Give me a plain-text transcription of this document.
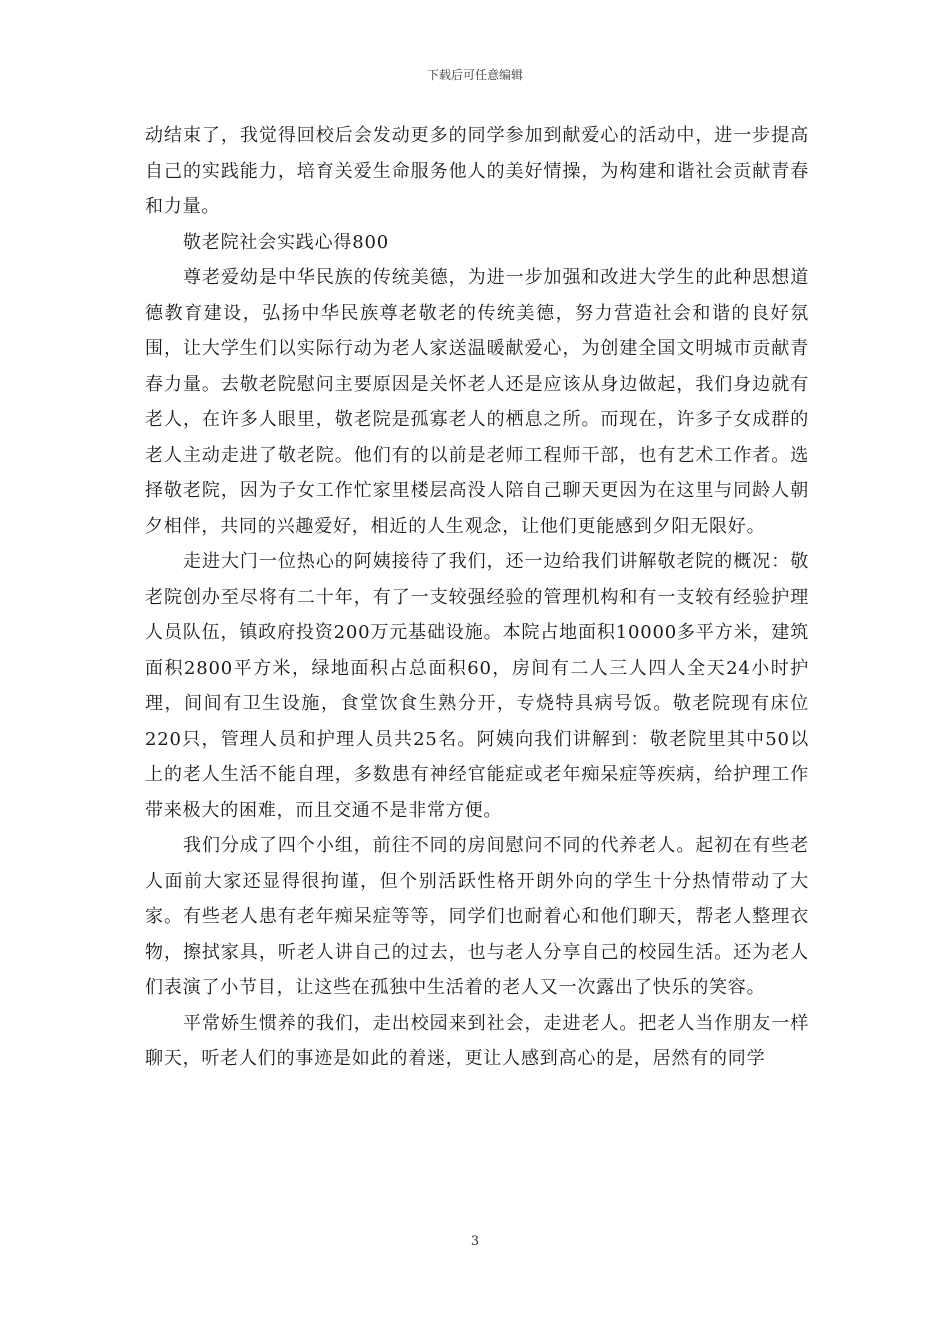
下载后可任意编辑

动结束了，我觉得回校后会发动更多的同学参加到献爱心的活动中，进一步提高自己的实践能力，培育关爱生命服务他人的美好情操，为构建和谐社会贡献青春和力量。

敬老院社会实践心得800

尊老爱幼是中华民族的传统美德，为进一步加强和改进大学生的此种思想道德教育建设，弘扬中华民族尊老敬老的传统美德，努力营造社会和谐的良好氛围，让大学生们以实际行动为老人家送温暖献爱心，为创建全国文明城市贡献青春力量。去敬老院慰问主要原因是关怀老人还是应该从身边做起，我们身边就有老人，在许多人眼里，敬老院是孤寡老人的栖息之所。而现在，许多子女成群的老人主动走进了敬老院。他们有的以前是老师工程师干部，也有艺术工作者。选择敬老院，因为子女工作忙家里楼层高没人陪自己聊天更因为在这里与同龄人朝夕相伴，共同的兴趣爱好，相近的人生观念，让他们更能感到夕阳无限好。

走进大门一位热心的阿姨接待了我们，还一边给我们讲解敬老院的概况：敬老院创办至尽将有二十年，有了一支较强经验的管理机构和有一支较有经验护理人员队伍，镇政府投资200万元基础设施。本院占地面积10000多平方米，建筑面积2800平方米，绿地面积占总面积60，房间有二人三人四人全天24小时护理，间间有卫生设施，食堂饮食生熟分开，专烧特具病号饭。敬老院现有床位220只，管理人员和护理人员共25名。阿姨向我们讲解到：敬老院里其中50以上的老人生活不能自理，多数患有神经官能症或老年痴呆症等疾病，给护理工作带来极大的困难，而且交通不是非常方便。

我们分成了四个小组，前往不同的房间慰问不同的代养老人。起初在有些老人面前大家还显得很拘谨，但个别活跃性格开朗外向的学生十分热情带动了大家。有些老人患有老年痴呆症等等，同学们也耐着心和他们聊天，帮老人整理衣物，擦拭家具，听老人讲自己的过去，也与老人分享自己的校园生活。还为老人们表演了小节目，让这些在孤独中生活着的老人又一次露出了快乐的笑容。

平常娇生惯养的我们，走出校园来到社会，走进老人。把老人当作朋友一样聊天，听老人们的事迹是如此的着迷，更让人感到高心的是，居然有的同学

3
